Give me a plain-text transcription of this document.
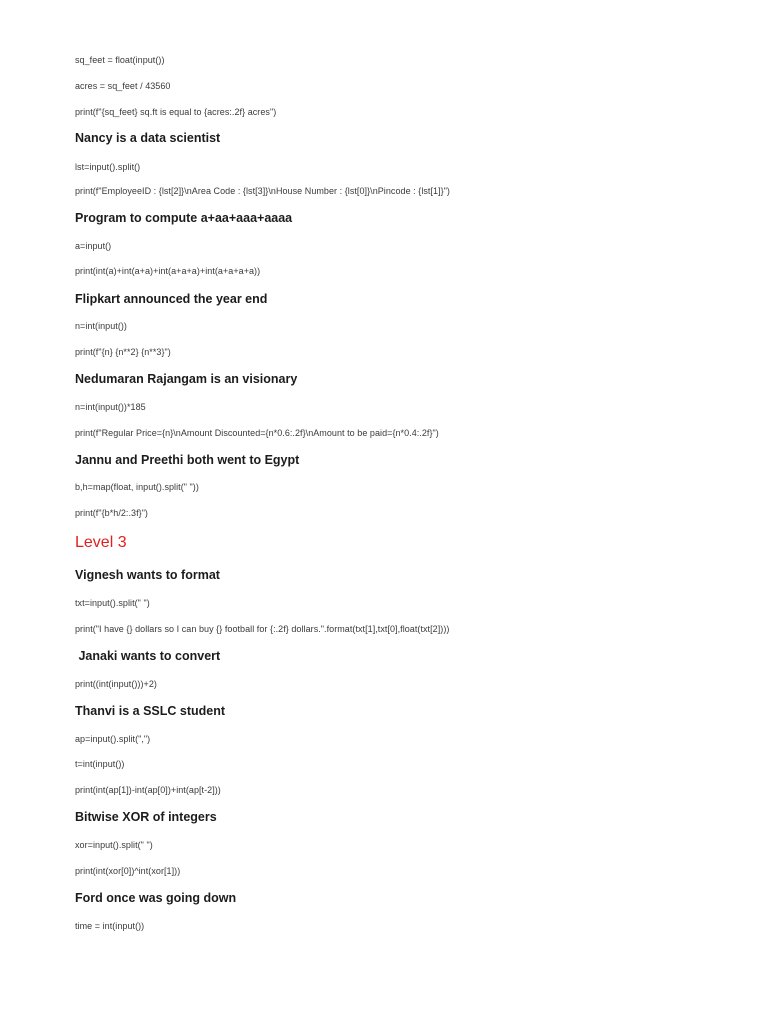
sq_feet = float(input())
acres = sq_feet / 43560
print(f"{sq_feet} sq.ft is equal to {acres:.2f} acres")
Nancy is a data scientist
lst=input().split()
print(f"EmployeeID : {lst[2]}\nArea Code : {lst[3]}\nHouse Number : {lst[0]}\nPincode : {lst[1]}")
Program to compute a+aa+aaa+aaaa
a=input()
print(int(a)+int(a+a)+int(a+a+a)+int(a+a+a+a))
Flipkart announced the year end
n=int(input())
print(f"{n} {n**2} {n**3}")
Nedumaran Rajangam is an visionary
n=int(input())*185
print(f"Regular Price={n}\nAmount Discounted={n*0.6:.2f}\nAmount to be paid={n*0.4:.2f}")
Jannu and Preethi both went to Egypt
b,h=map(float, input().split(" "))
print(f"{b*h/2:.3f}")
Level 3
Vignesh wants to format
txt=input().split(" ")
print("I have {} dollars so I can buy {} football for {:.2f} dollars.".format(txt[1],txt[0],float(txt[2])))
Janaki wants to convert
print((int(input()))+2)
Thanvi is a SSLC student
ap=input().split(",")
t=int(input())
print(int(ap[1])-int(ap[0])+int(ap[t-2]))
Bitwise XOR of integers
xor=input().split(" ")
print(int(xor[0])^int(xor[1]))
Ford once was going down
time = int(input())
